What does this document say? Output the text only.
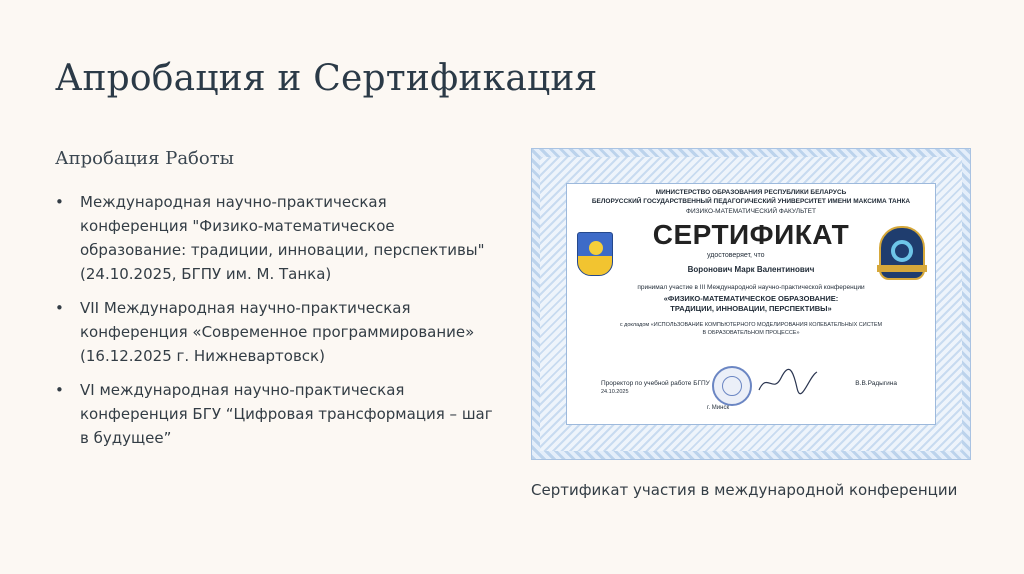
Апробация и Сертификация
Апробация Работы
• Международная научно-практическая конференция "Физико-математическое образование: традиции, инновации, перспективы" (24.10.2025, БГПУ им. М. Танка)
• VII Международная научно-практическая конференция «Современное программирование» (16.12.2025 г. Нижневартовск)
• VI международная научно-практическая конференция БГУ “Цифровая трансформация – шаг в будущее”
МИНИСТЕРСТВО ОБРАЗОВАНИЯ РЕСПУБЛИКИ БЕЛАРУСЬ
БЕЛОРУССКИЙ ГОСУДАРСТВЕННЫЙ ПЕДАГОГИЧЕСКИЙ УНИВЕРСИТЕТ ИМЕНИ МАКСИМА ТАНКА
ФИЗИКО-МАТЕМАТИЧЕСКИЙ ФАКУЛЬТЕТ
СЕРТИФИКАТ
удостоверяет, что
Воронович Марк Валентинович
принимал участие в III Международной научно-практической конференции
«ФИЗИКО-МАТЕМАТИЧЕСКОЕ ОБРАЗОВАНИЕ:
ТРАДИЦИИ, ИННОВАЦИИ, ПЕРСПЕКТИВЫ»
с докладом «ИСПОЛЬЗОВАНИЕ КОМПЬЮТЕРНОГО МОДЕЛИРОВАНИЯ КОЛЕБАТЕЛЬНЫХ СИСТЕМ
В ОБРАЗОВАТЕЛЬНОМ ПРОЦЕССЕ»
Проректор по учебной работе БГПУ
24.10.2025
В.В.Радыгина
г. Минск
Сертификат участия в международной конференции
